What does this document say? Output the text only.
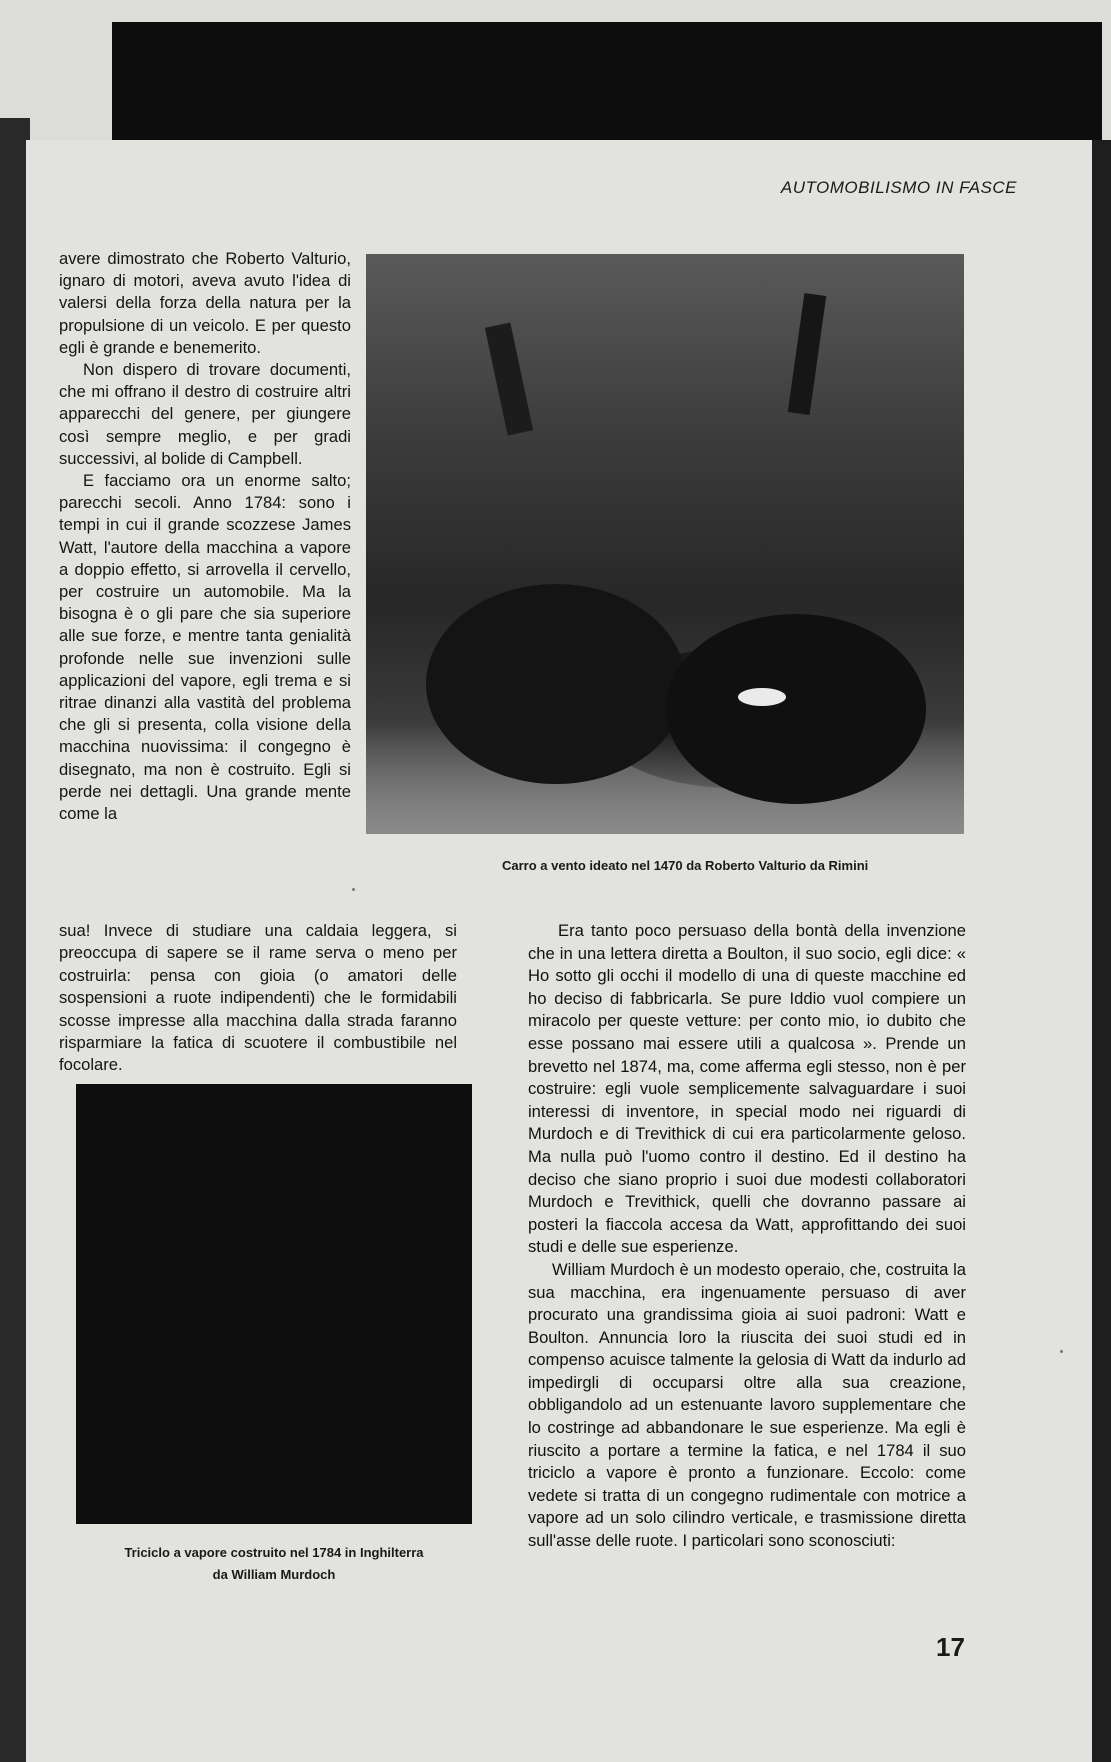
AUTOMOBILISMO IN FASCE

avere dimostrato che Roberto Valturio, ignaro di motori, aveva avuto l'idea di valersi della forza della natura per la propulsione di un veicolo. E per questo egli è grande e benemerito.

Non dispero di trovare documenti, che mi offrano il destro di costruire altri apparecchi del genere, per giungere così sempre meglio, e per gradi successivi, al bolide di Campbell.

E facciamo ora un enorme salto; parecchi secoli. Anno 1784: sono i tempi in cui il grande scozzese James Watt, l'autore della macchina a vapore a doppio effetto, si arrovella il cervello, per costruire un automobile. Ma la bisogna è o gli pare che sia superiore alle sue forze, e mentre tanta genialità profonde nelle sue invenzioni sulle applicazioni del vapore, egli trema e si ritrae dinanzi alla vastità del problema che gli si presenta, colla visione della macchina nuovissima: il congegno è disegnato, ma non è costruito. Egli si perde nei dettagli. Una grande mente come la

sua! Invece di studiare una caldaia leggera, si preoccupa di sapere se il rame serva o meno per costruirla: pensa con gioia (o amatori delle sospensioni a ruote indipendenti) che le formidabili scosse impresse alla macchina dalla strada faranno risparmiare la fatica di scuotere il combustibile nel focolare.

Carro a vento ideato nel 1470 da Roberto Valturio da Rimini

Era tanto poco persuaso della bontà della invenzione che in una lettera diretta a Boulton, il suo socio, egli dice: « Ho sotto gli occhi il modello di una di queste macchine ed ho deciso di fabbricarla. Se pure Iddio vuol compiere un miracolo per queste vetture: per conto mio, io dubito che esse possano mai essere utili a qualcosa ». Prende un brevetto nel 1874, ma, come afferma egli stesso, non è per costruire: egli vuole semplicemente salvaguardare i suoi interessi di inventore, in special modo nei riguardi di Murdoch e di Trevithick di cui era particolarmente geloso. Ma nulla può l'uomo contro il destino. Ed il destino ha deciso che siano proprio i suoi due modesti collaboratori Murdoch e Trevithick, quelli che dovranno passare ai posteri la fiaccola accesa da Watt, approfittando dei suoi studi e delle sue esperienze.

William Murdoch è un modesto operaio, che, costruita la sua macchina, era ingenuamente persuaso di aver procurato una grandissima gioia ai suoi padroni: Watt e Boulton. Annuncia loro la riuscita dei suoi studi ed in compenso acuisce talmente la gelosia di Watt da indurlo ad impedirgli di occuparsi oltre alla sua creazione, obbligandolo ad un estenuante lavoro supplementare che lo costringe ad abbandonare le sue esperienze. Ma egli è riuscito a portare a termine la fatica, e nel 1784 il suo triciclo a vapore è pronto a funzionare. Eccolo: come vedete si tratta di un congegno rudimentale con motrice a vapore ad un solo cilindro verticale, e trasmissione diretta sull'asse delle ruote. I particolari sono sconosciuti:

Triciclo a vapore costruito nel 1784 in Inghilterra
da William Murdoch
17
